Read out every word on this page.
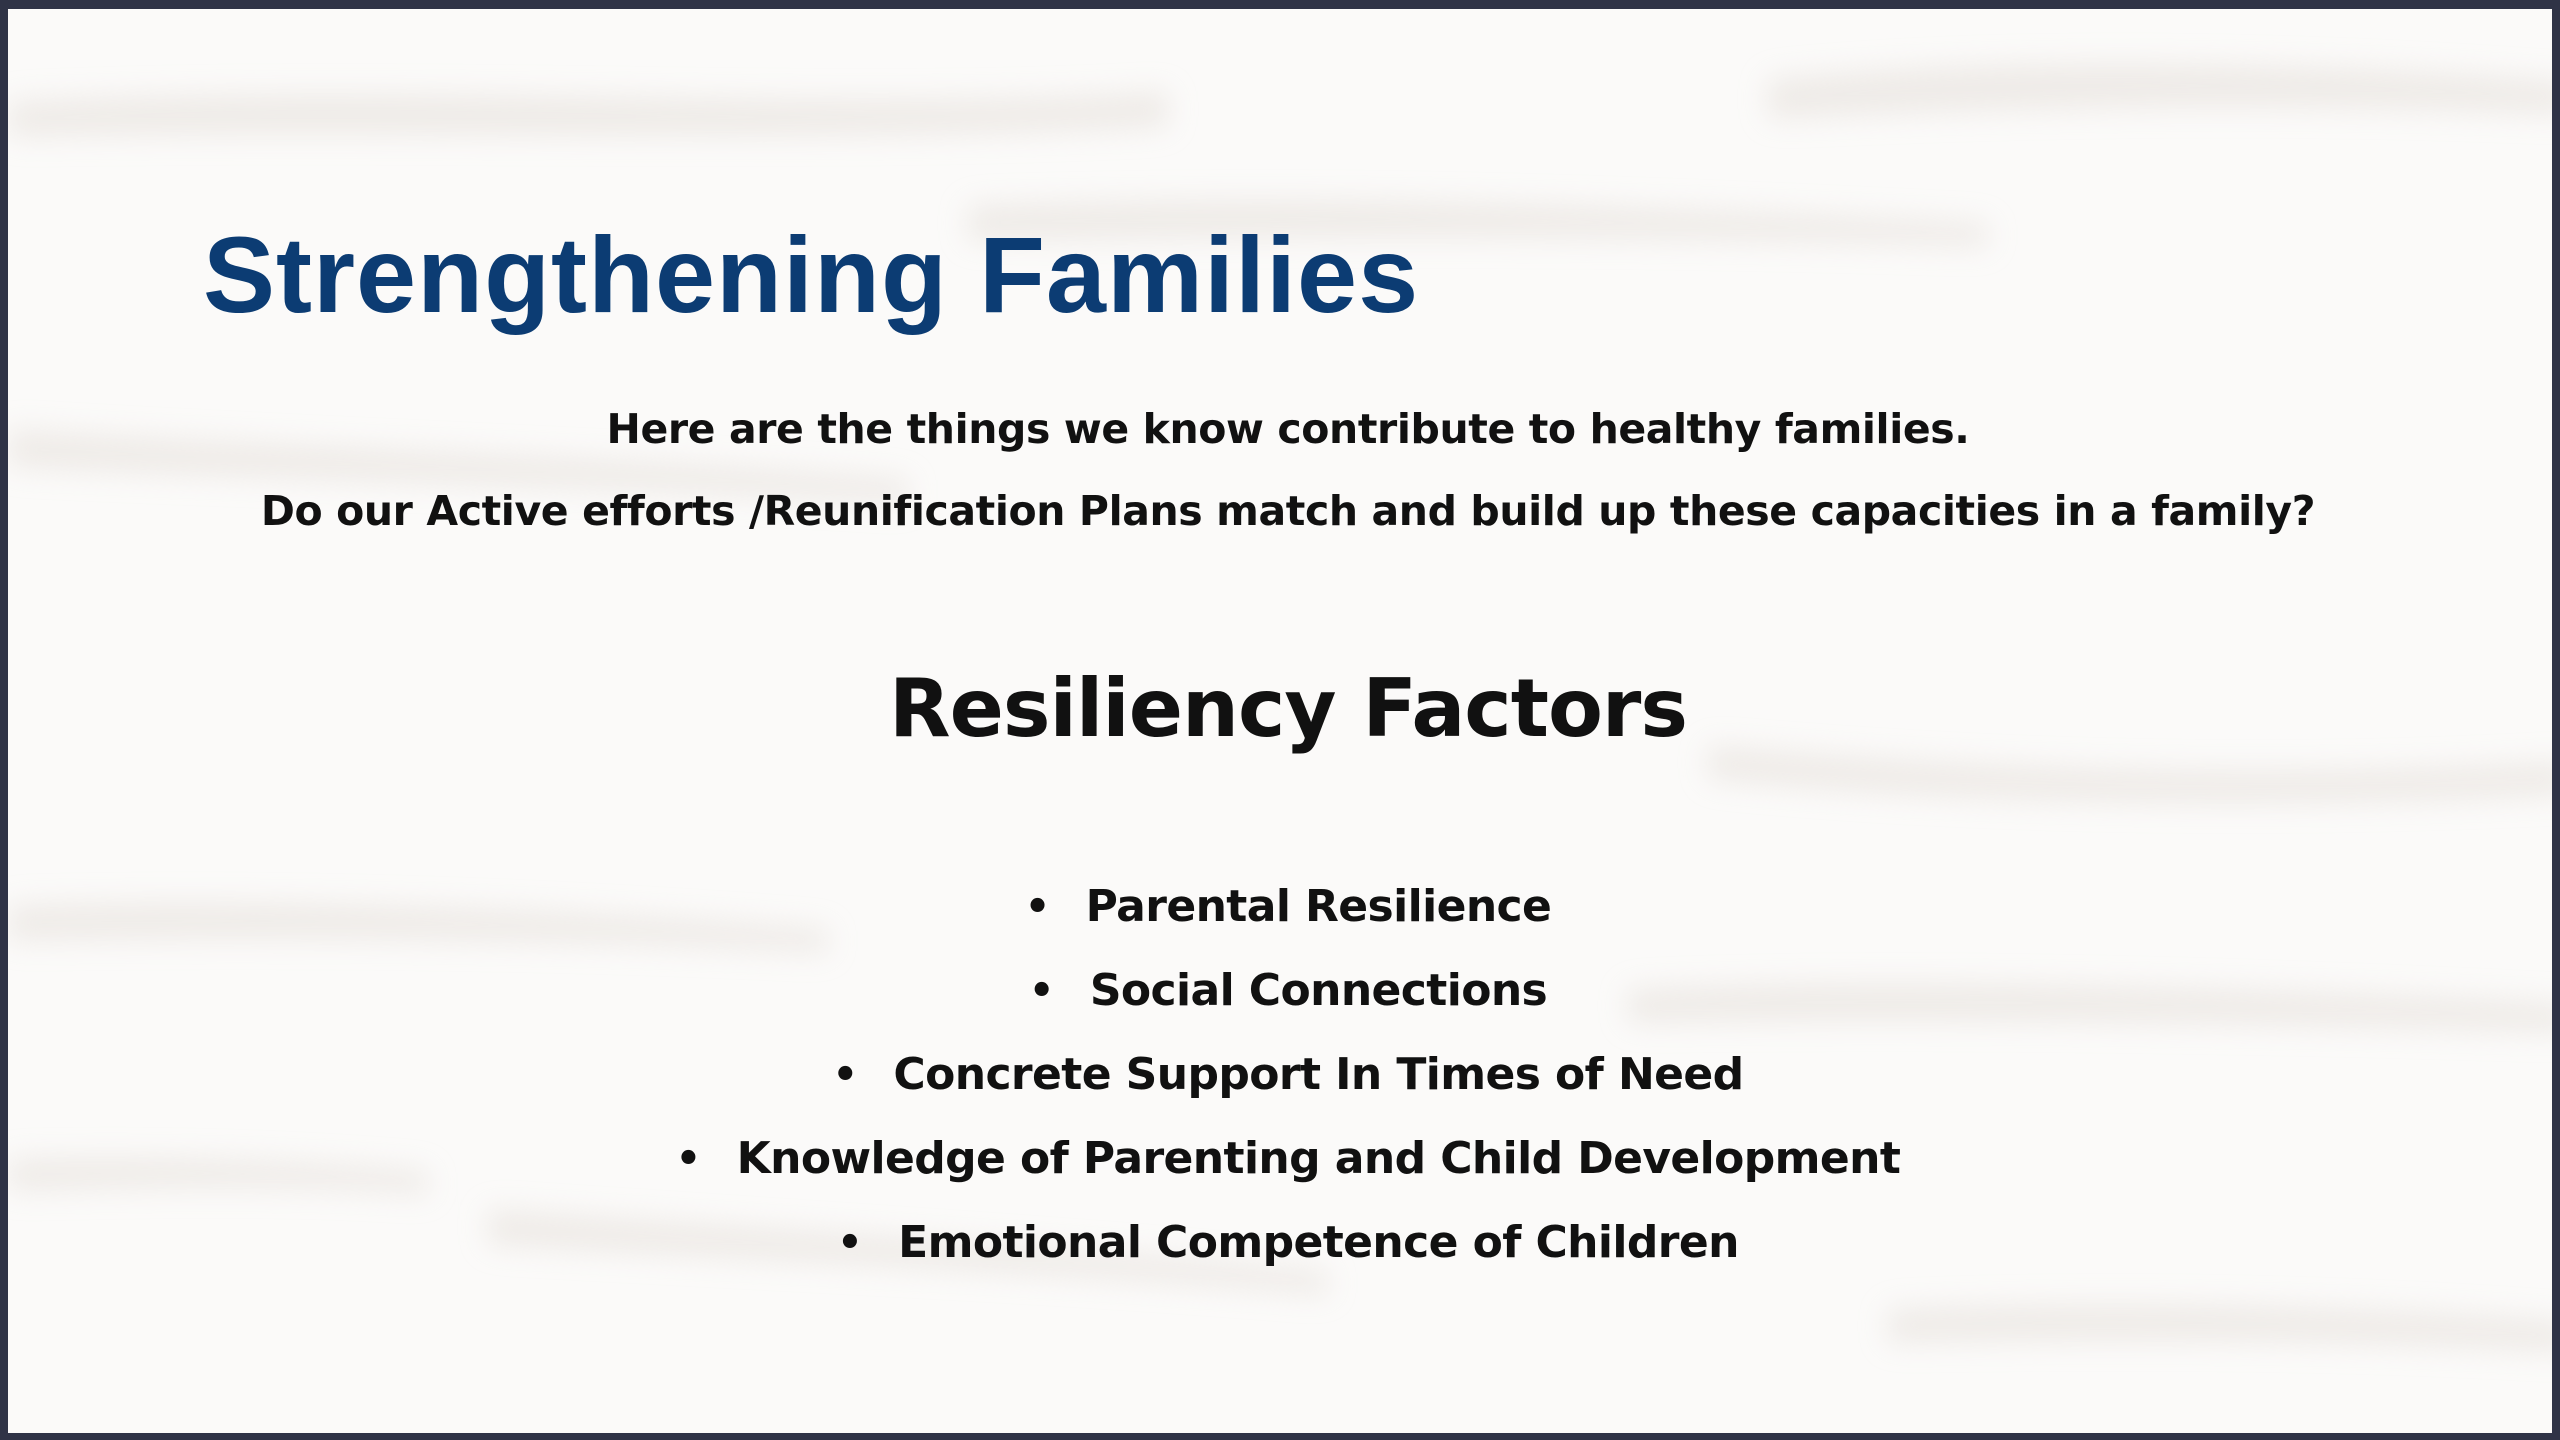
Strengthening Families

Here are the things we know contribute to healthy families.

Do our Active efforts /Reunification Plans match and build up these capacities in a family?

Resiliency Factors
• Parental Resilience
• Social Connections
• Concrete Support In Times of Need
• Knowledge of Parenting and Child Development
• Emotional Competence of Children
